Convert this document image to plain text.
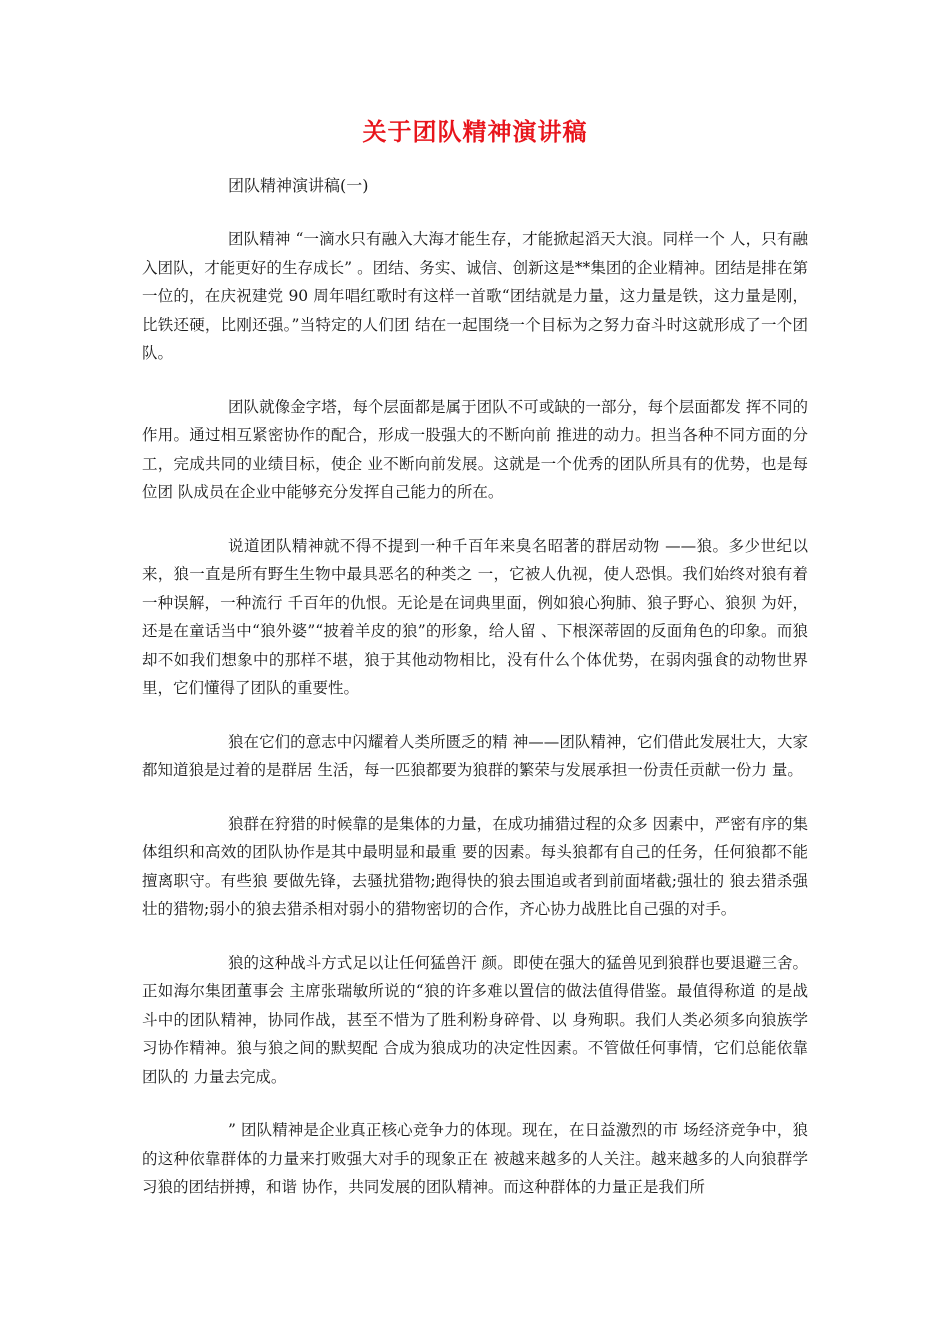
关于团队精神演讲稿
团队精神演讲稿(一)

团队精神 “一滴水只有融入大海才能生存，才能掀起滔天大浪。同样一个 人，只有融入团队，才能更好的生存成长” 。团结、务实、诚信、创新这是**集团的企业精神。团结是排在第 一位的，在庆祝建党 90 周年唱红歌时有这样一首歌“团结就是力量，这力量是铁，这力量是刚，比铁还硬，比刚还强。”当特定的人们团 结在一起围绕一个目标为之努力奋斗时这就形成了一个团队。

团队就像金字塔，每个层面都是属于团队不可或缺的一部分，每个层面都发 挥不同的作用。通过相互紧密协作的配合，形成一股强大的不断向前 推进的动力。担当各种不同方面的分工，完成共同的业绩目标，使企 业不断向前发展。这就是一个优秀的团队所具有的优势，也是每位团 队成员在企业中能够充分发挥自己能力的所在。

说道团队精神就不得不提到一种千百年来臭名昭著的群居动物 ——狼。多少世纪以来，狼一直是所有野生生物中最具恶名的种类之 一，它被人仇视，使人恐惧。我们始终对狼有着一种误解，一种流行 千百年的仇恨。无论是在词典里面，例如狼心狗肺、狼子野心、狼狈 为奸，还是在童话当中“狼外婆”“披着羊皮的狼”的形象，给人留 、下根深蒂固的反面角色的印象。而狼却不如我们想象中的那样不堪，狼于其他动物相比，没有什么个体优势，在弱肉强食的动物世界里，它们懂得了团队的重要性。

狼在它们的意志中闪耀着人类所匮乏的精 神——团队精神，它们借此发展壮大，大家都知道狼是过着的是群居 生活，每一匹狼都要为狼群的繁荣与发展承担一份责任贡献一份力 量。

狼群在狩猎的时候靠的是集体的力量，在成功捕猎过程的众多 因素中，严密有序的集体组织和高效的团队协作是其中最明显和最重 要的因素。每头狼都有自己的任务，任何狼都不能擅离职守。有些狼 要做先锋，去骚扰猎物;跑得快的狼去围追或者到前面堵截;强壮的 狼去猎杀强壮的猎物;弱小的狼去猎杀相对弱小的猎物密切的合作，齐心协力战胜比自己强的对手。

狼的这种战斗方式足以让任何猛兽汗 颜。即使在强大的猛兽见到狼群也要退避三舍。正如海尔集团董事会 主席张瑞敏所说的“狼的许多难以置信的做法值得借鉴。最值得称道 的是战斗中的团队精神，协同作战，甚至不惜为了胜利粉身碎骨、以 身殉职。我们人类必须多向狼族学习协作精神。狼与狼之间的默契配 合成为狼成功的决定性因素。不管做任何事情，它们总能依靠团队的 力量去完成。

” 团队精神是企业真正核心竞争力的体现。现在，在日益激烈的市 场经济竞争中，狼的这种依靠群体的力量来打败强大对手的现象正在 被越来越多的人关注。越来越多的人向狼群学习狼的团结拼搏，和谐 协作，共同发展的团队精神。而这种群体的力量正是我们所
